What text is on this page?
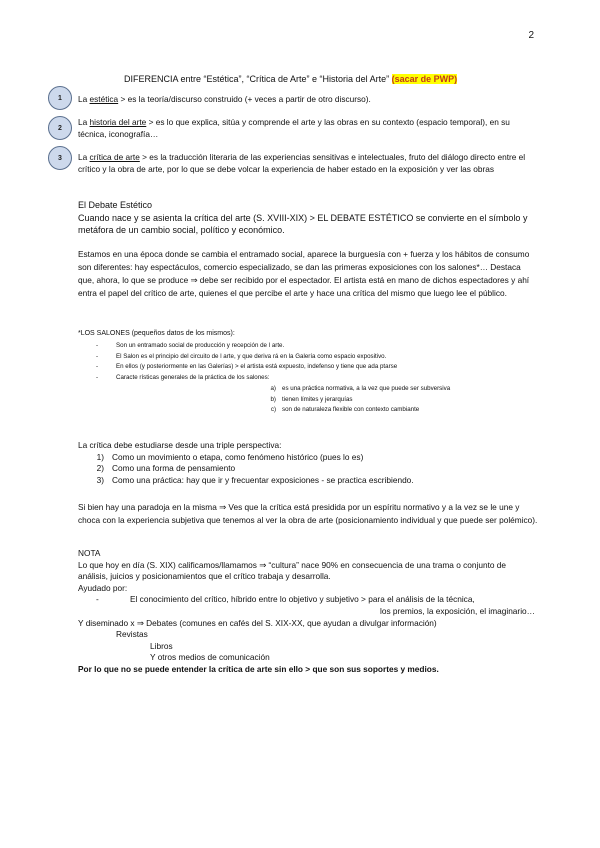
2
DIFERENCIA entre “Estética”, “Crítica de Arte” e “Historia del Arte” (sacar de PWP)
1
2
3
La estética > es la teoría/discurso construido (+ veces a partir de otro discurso).
La historia del arte > es lo que explica, sitúa y comprende el arte y las obras en su contexto (espacio temporal), en su técnica, iconografía…
La crítica de arte > es la traducción literaria de las experiencias sensitivas e intelectuales, fruto del diálogo directo entre el crítico y la obra de arte, por lo que se debe volcar la experiencia de haber estado en la exposición y ver las obras
El Debate Estético
Cuando nace y se asienta la crítica del arte (S. XVIII-XIX) > EL DEBATE ESTÉTICO se convierte en el símbolo y metáfora de un cambio social, político y económico.
Estamos en una época donde se cambia el entramado social, aparece la burguesía con + fuerza y los hábitos de consumo son diferentes: hay espectáculos, comercio especializado, se dan las primeras exposiciones con los salones*… Destaca que, ahora, lo que se produce ⇒ debe ser recibido por el espectador. El artista está en mano de dichos espectadores y ahí entra el papel del crítico de arte, quienes el que percibe el arte y hace una crítica del mismo que luego lee el público.
*LOS SALONES (pequeños datos de los mismos):
-	Son un entramado social de producción y recepción de l arte.
-	El Salon es el principio del circuito de l arte, y que deriva rá en la Galería como espacio expositivo.
-	En ellos (y posteriormente en las Galerías) > el artista está expuesto, indefenso y tiene que ada ptarse
-	Caracte rísticas generales de la práctica de los salones:
a) es una práctica normativa, a la vez que puede ser subversiva
b) tienen límites y jerarquías
c) son de naturaleza flexible con contexto cambiante
La crítica debe estudiarse desde una triple perspectiva:
1) Como un movimiento o etapa, como fenómeno histórico (pues lo es)
2) Como una forma de pensamiento
3) Como una práctica: hay que ir y frecuentar exposiciones - se practica escribiendo.
Si bien hay una paradoja en la misma ⇒ Ves que la crítica está presidida por un espíritu normativo y a la vez se le une y choca con la experiencia subjetiva que tenemos al ver la obra de arte (posicionamiento individual y que puede ser polémico).
NOTA
Lo que hoy en día (S. XIX) calificamos/llamamos ⇒ “cultura” nace 90% en consecuencia de una trama o conjunto de análisis, juicios y posicionamientos que el crítico trabaja y desarrolla.
Ayudado por:
-	El conocimiento del crítico, híbrido entre lo objetivo y subjetivo > para el análisis de la técnica,
los premios, la exposición, el imaginario…
Y diseminado x ⇒ Debates (comunes en cafés del S. XIX-XX, que ayudan a divulgar información)
Revistas
Libros
Y otros medios de comunicación
Por lo que no se puede entender la crítica de arte sin ello > que son sus soportes y medios.
